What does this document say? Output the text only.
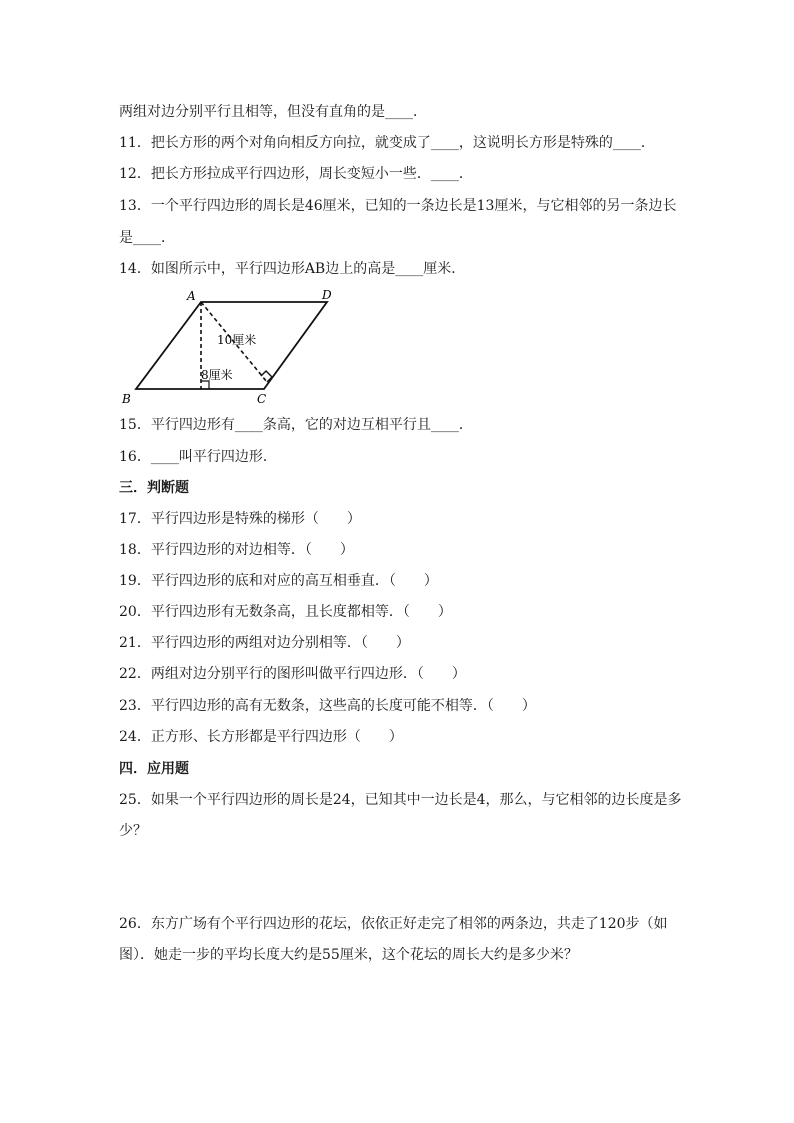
两组对边分别平行且相等，但没有直角的是____．
11．把长方形的两个对角向相反方向拉，就变成了____，这说明长方形是特殊的____．
12．把长方形拉成平行四边形，周长变短小一些．____．
13．一个平行四边形的周长是46厘米，已知的一条边长是13厘米，与它相邻的另一条边长
是____．
14．如图所示中，平行四边形AB边上的高是____厘米．
A	D
B	C
10厘米
8厘米
15．平行四边形有____条高，它的对边互相平行且____．
16．____叫平行四边形．
三．判断题
17．平行四边形是特殊的梯形（　　）
18．平行四边形的对边相等．（　　）
19．平行四边形的底和对应的高互相垂直．（　　）
20．平行四边形有无数条高，且长度都相等．（　　）
21．平行四边形的两组对边分别相等．（　　）
22．两组对边分别平行的图形叫做平行四边形．（　　）
23．平行四边形的高有无数条，这些高的长度可能不相等．（　　）
24．正方形、长方形都是平行四边形（　　）
四．应用题
25．如果一个平行四边形的周长是24，已知其中一边长是4，那么，与它相邻的边长度是多
少？
26．东方广场有个平行四边形的花坛，依依正好走完了相邻的两条边，共走了120步（如
图）．她走一步的平均长度大约是55厘米，这个花坛的周长大约是多少米？
